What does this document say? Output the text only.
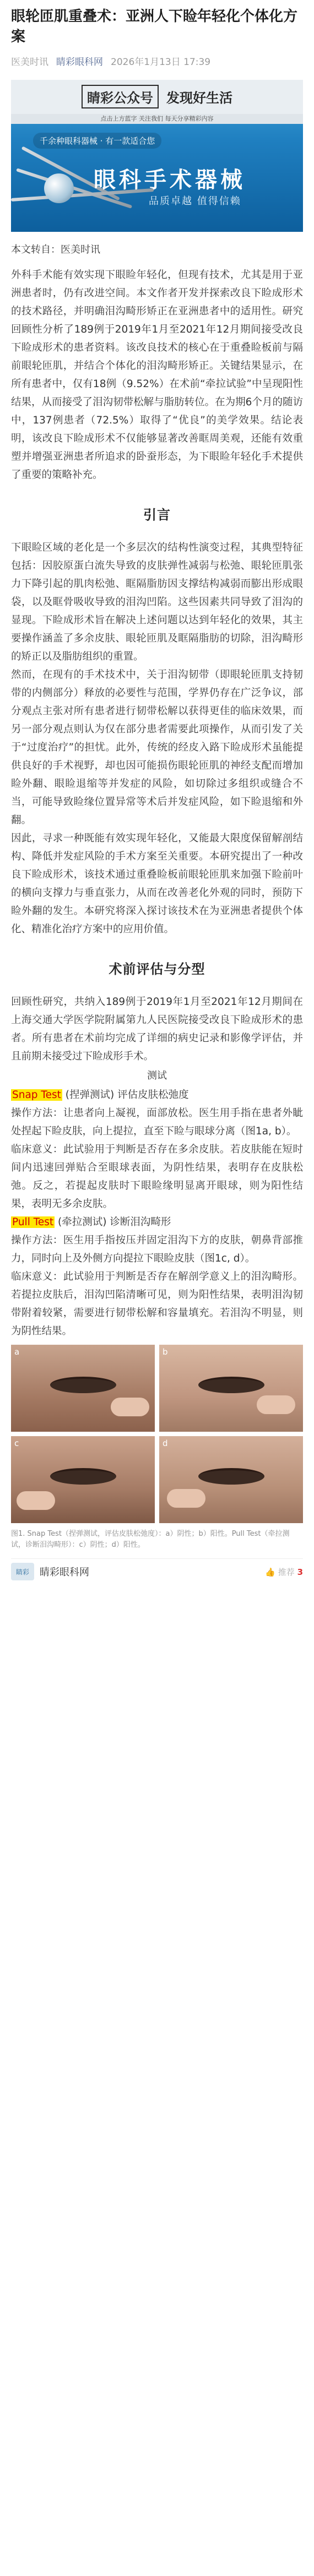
眼轮匝肌重叠术：亚洲人下睑年轻化个体化方案
医美时讯 睛彩眼科网 2026年1月13日 17:39
睛彩公众号	发现好生活
点击上方蓝字 关注我们 每天分享精彩内容
千余种眼科器械 · 有一款适合您
眼科手术器械
品质卓越 值得信赖
本文转自：医美时讯

外科手术能有效实现下眼睑年轻化，但现有技术，尤其是用于亚洲患者时，仍有改进空间。本文作者开发并探索改良下睑成形术的技术路径，并明确泪沟畸形矫正在亚洲患者中的适用性。研究回顾性分析了189例于2019年1月至2021年12月期间接受改良下睑成形术的患者资料。该改良技术的核心在于重叠睑板前与隔前眼轮匝肌，并结合个体化的泪沟畸形矫正。关键结果显示，在所有患者中，仅有18例（9.52%）在术前“牵拉试验”中呈现阳性结果，从而接受了泪沟韧带松解与脂肪转位。在为期6个月的随访中，137例患者（72.5%）取得了“优良”的美学效果。结论表明，该改良下睑成形术不仅能够显著改善眶周美观，还能有效重塑并增强亚洲患者所追求的卧蚕形态，为下眼睑年轻化手术提供了重要的策略补充。

引言

下眼睑区域的老化是一个多层次的结构性演变过程，其典型特征包括：因胶原蛋白流失导致的皮肤弹性减弱与松弛、眼轮匝肌张力下降引起的肌肉松弛、眶隔脂肪因支撑结构减弱而膨出形成眼袋，以及眶骨吸收导致的泪沟凹陷。这些因素共同导致了泪沟的显现。下睑成形术旨在解决上述问题以达到年轻化的效果，其主要操作涵盖了多余皮肤、眼轮匝肌及眶隔脂肪的切除，泪沟畸形的矫正以及脂肪组织的重置。

然而，在现有的手术技术中，关于泪沟韧带（即眼轮匝肌支持韧带的内侧部分）释放的必要性与范围，学界仍存在广泛争议，部分观点主张对所有患者进行韧带松解以获得更佳的临床效果，而另一部分观点则认为仅在部分患者需要此项操作，从而引发了关于“过度治疗”的担忧。此外，传统的经皮入路下睑成形术虽能提供良好的手术视野，却也因可能损伤眼轮匝肌的神经支配而增加睑外翻、眼睑退缩等并发症的风险，如切除过多组织或缝合不当，可能导致睑缘位置异常等术后并发症风险，如下睑退缩和外翻。

因此，寻求一种既能有效实现年轻化，又能最大限度保留解剖结构、降低并发症风险的手术方案至关重要。本研究提出了一种改良下睑成形术，该技术通过重叠睑板前眼轮匝肌来加强下睑前叶的横向支撑力与垂直张力，从而在改善老化外观的同时，预防下睑外翻的发生。本研究将深入探讨该技术在为亚洲患者提供个体化、精准化治疗方案中的应用价值。

术前评估与分型

回顾性研究，共纳入189例于2019年1月至2021年12月期间在上海交通大学医学院附属第九人民医院接受改良下睑成形术的患者。所有患者在术前均完成了详细的病史记录和影像学评估，并且前期未接受过下睑成形手术。

测试

Snap Test (捏弹测试) 评估皮肤松弛度

操作方法：让患者向上凝视，面部放松。医生用手指在患者外眦处捏起下睑皮肤，向上提拉，直至下睑与眼球分离（图1a, b）。

临床意义：此试验用于判断是否存在多余皮肤。若皮肤能在短时间内迅速回弹贴合至眼球表面，为阴性结果，表明存在皮肤松弛。反之，若提起皮肤时下眼睑缘明显离开眼球，则为阳性结果，表明无多余皮肤。

Pull Test (牵拉测试) 诊断泪沟畸形

操作方法：医生用手指按压并固定泪沟下方的皮肤，朝鼻背部推力，同时向上及外侧方向提拉下眼睑皮肤（图1c, d）。

临床意义：此试验用于判断是否存在解剖学意义上的泪沟畸形。若提拉皮肤后，泪沟凹陷清晰可见，则为阳性结果，表明泪沟韧带附着较紧，需要进行韧带松解和容量填充。若泪沟不明显，则为阴性结果。

a	b
c	d
图1. Snap Test（捏弹测试，评估皮肤松弛度）：a）阴性；b）阳性。Pull Test（牵拉测试，诊断泪沟畸形）：c）阴性；d）阳性。
睛彩	睛彩眼科网	👍 推荐 3
